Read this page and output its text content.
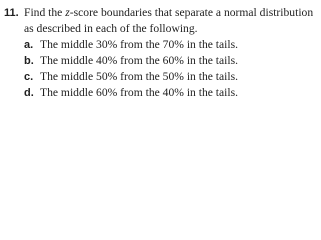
11. Find the z-score boundaries that separate a normal distribution as described in each of the following.

a. The middle 30% from the 70% in the tails.
b. The middle 40% from the 60% in the tails.
c. The middle 50% from the 50% in the tails.
d. The middle 60% from the 40% in the tails.
